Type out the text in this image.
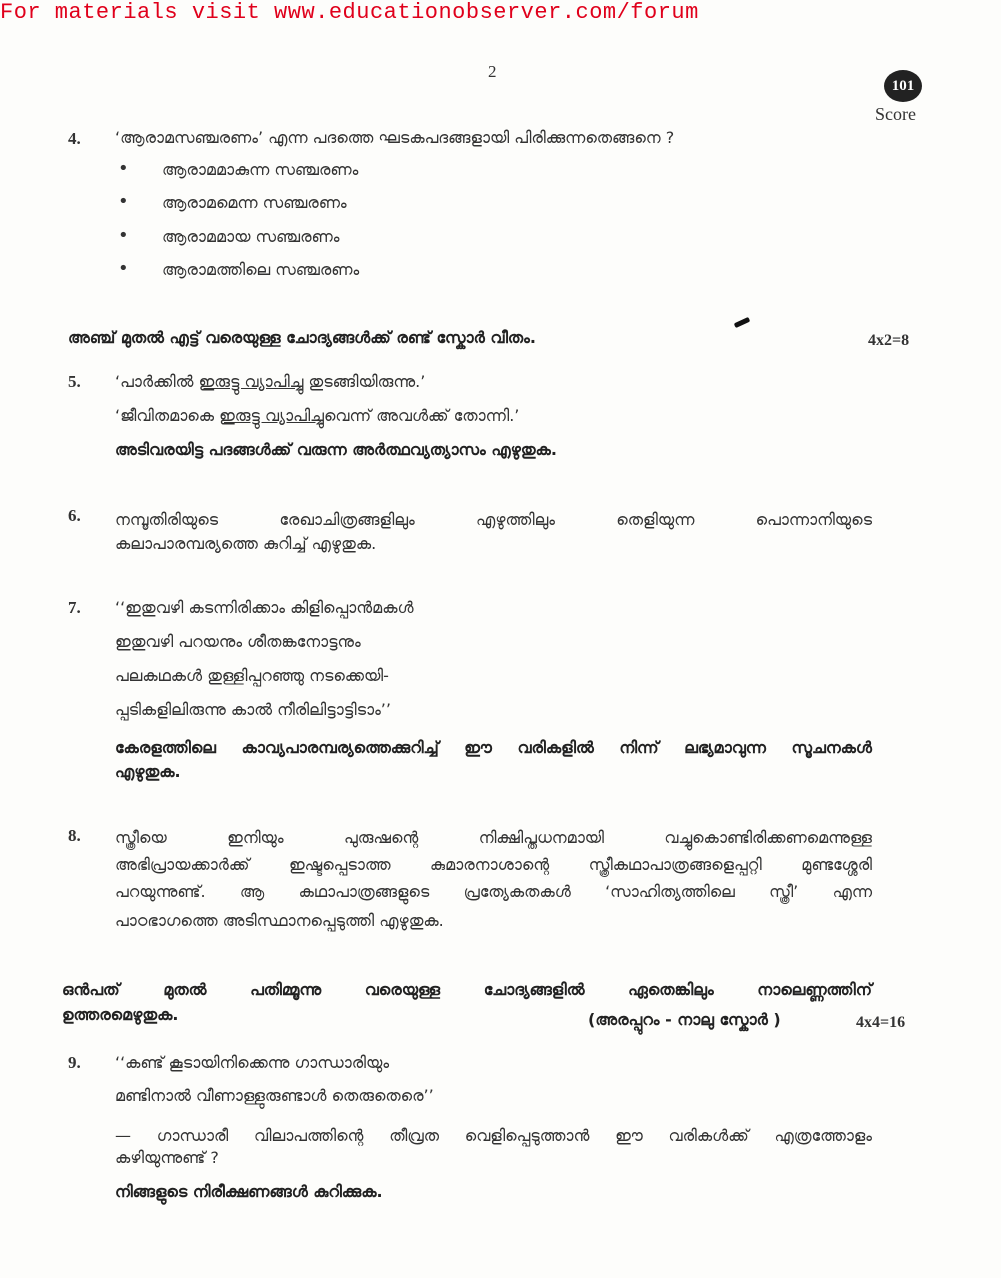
For materials visit www.educationobserver.com/forum
2
101
Score
4. ‘ആരാമസഞ്ചരണം’ എന്ന പദത്തെ ഘടകപദങ്ങളായി പിരിക്കുന്നതെങ്ങനെ ?
• ആരാമമാകുന്ന സഞ്ചരണം
• ആരാമമെന്ന സഞ്ചരണം
• ആരാമമായ സഞ്ചരണം
• ആരാമത്തിലെ സഞ്ചരണം
അഞ്ച് മുതൽ എട്ട് വരെയുള്ള ചോദ്യങ്ങൾക്ക് രണ്ട് സ്കോർ വീതം.	4x2=8
5. ‘പാർക്കിൽ ഇരുട്ടു വ്യാപിച്ചു തുടങ്ങിയിരുന്നു.’
‘ജീവിതമാകെ ഇരുട്ടു വ്യാപിച്ചുവെന്ന് അവൾക്ക് തോന്നി.’
അടിവരയിട്ട പദങ്ങൾക്ക് വരുന്ന അർത്ഥവ്യത്യാസം എഴുതുക.
6. നമ്പൂതിരിയുടെ രേഖാചിത്രങ്ങളിലും എഴുത്തിലും തെളിയുന്ന പൊന്നാനിയുടെ
കലാപാരമ്പര്യത്തെ കുറിച്ച് എഴുതുക.
7. ‘‘ഇതുവഴി കടന്നിരിക്കാം കിളിപ്പൊൻമകൾ
ഇതുവഴി പറയനും ശീതങ്കനോട്ടനും
പലകഥകൾ തുള്ളിപ്പറഞ്ഞു നടക്കെയി-
പ്പടികളിലിരുന്നു കാൽ നീരിലിട്ടാട്ടിടാം’’
കേരളത്തിലെ കാവ്യപാരമ്പര്യത്തെക്കുറിച്ച് ഈ വരികളിൽ നിന്ന് ലഭ്യമാവുന്ന സൂചനകൾ
എഴുതുക.
8. സ്ത്രീയെ ഇനിയും പുരുഷന്റെ നിക്ഷിപ്തധനമായി വച്ചുകൊണ്ടിരിക്കണമെന്നുള്ള
അഭിപ്രായക്കാർക്ക് ഇഷ്ടപ്പെടാത്ത കുമാരനാശാന്റെ സ്ത്രീകഥാപാത്രങ്ങളെപ്പറ്റി മുണ്ടശ്ശേരി
പറയുന്നുണ്ട്. ആ കഥാപാത്രങ്ങളുടെ പ്രത്യേകതകൾ ‘സാഹിത്യത്തിലെ സ്ത്രീ’ എന്ന
പാഠഭാഗത്തെ അടിസ്ഥാനപ്പെടുത്തി എഴുതുക.
ഒൻപത് മുതൽ പതിമ്മൂന്നു വരെയുള്ള ചോദ്യങ്ങളിൽ ഏതെങ്കിലും നാലെണ്ണത്തിന്
ഉത്തരമെഴുതുക.	(അരപ്പുറം - നാലു സ്കോർ )	4x4=16
9. ‘‘കണ്ട് കൂടായിനിക്കെന്നു ഗാന്ധാരിയും
മണ്ടിനാൽ വീണാള്ളുരുണ്ടാൾ തെരുതെരെ’’
— ഗാന്ധാരീ വിലാപത്തിന്റെ തീവ്രത വെളിപ്പെടുത്താൻ ഈ വരികൾക്ക് എത്രത്തോളം
കഴിയുന്നുണ്ട് ?
നിങ്ങളുടെ നിരീക്ഷണങ്ങൾ കുറിക്കുക.
